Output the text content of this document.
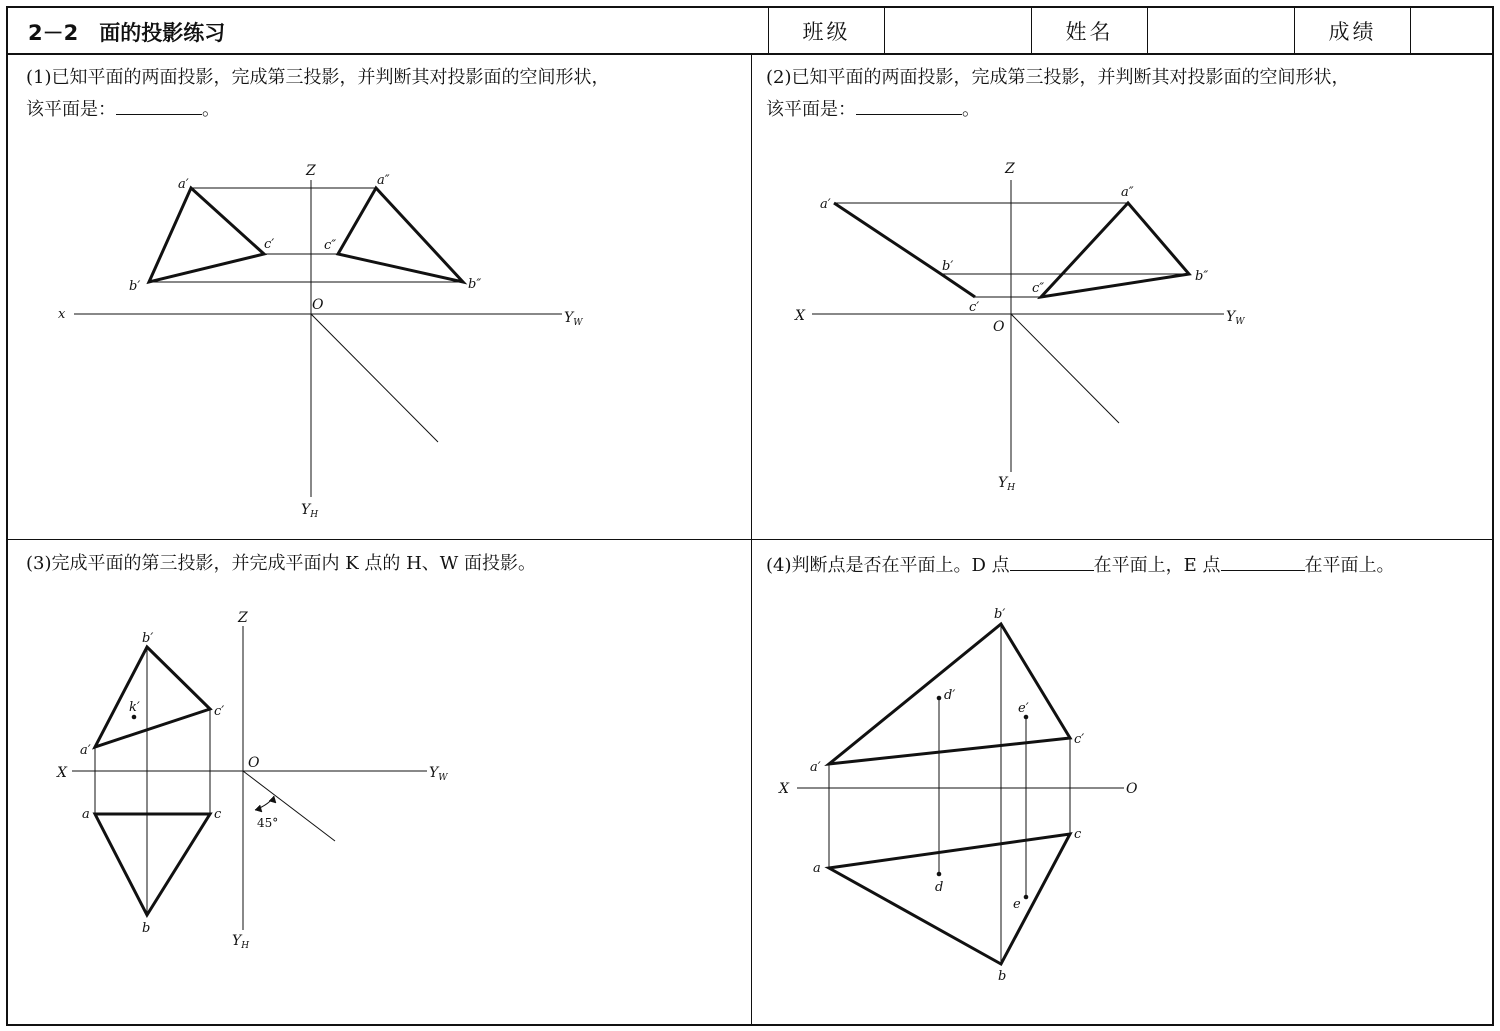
2－2　面的投影练习	班级	姓名	成绩
(1)已知平面的两面投影，完成第三投影，并判断其对投影面的空间形状，
该平面是：	。
(2)已知平面的两面投影，完成第三投影，并判断其对投影面的空间形状，
该平面是：	。
(3)完成平面的第三投影，并完成平面内 K 点的 H、W 面投影。	(4)判断点是否在平面上。D 点	在平面上，E 点	在平面上。
a′
b′
c′
a″
b″
c″
x
Z
O
$Y_W$
$Y_H$
a′
b′
c′
a″
b″
c″
X
Z
O
$Y_W$
$Y_H$
b′
c′
a′
k′
a	c
b
X
Z
O
$Y_W$
$Y_H$
45°
b′
c′
a′
d′
e′
a
c
b
d
e
X	O
